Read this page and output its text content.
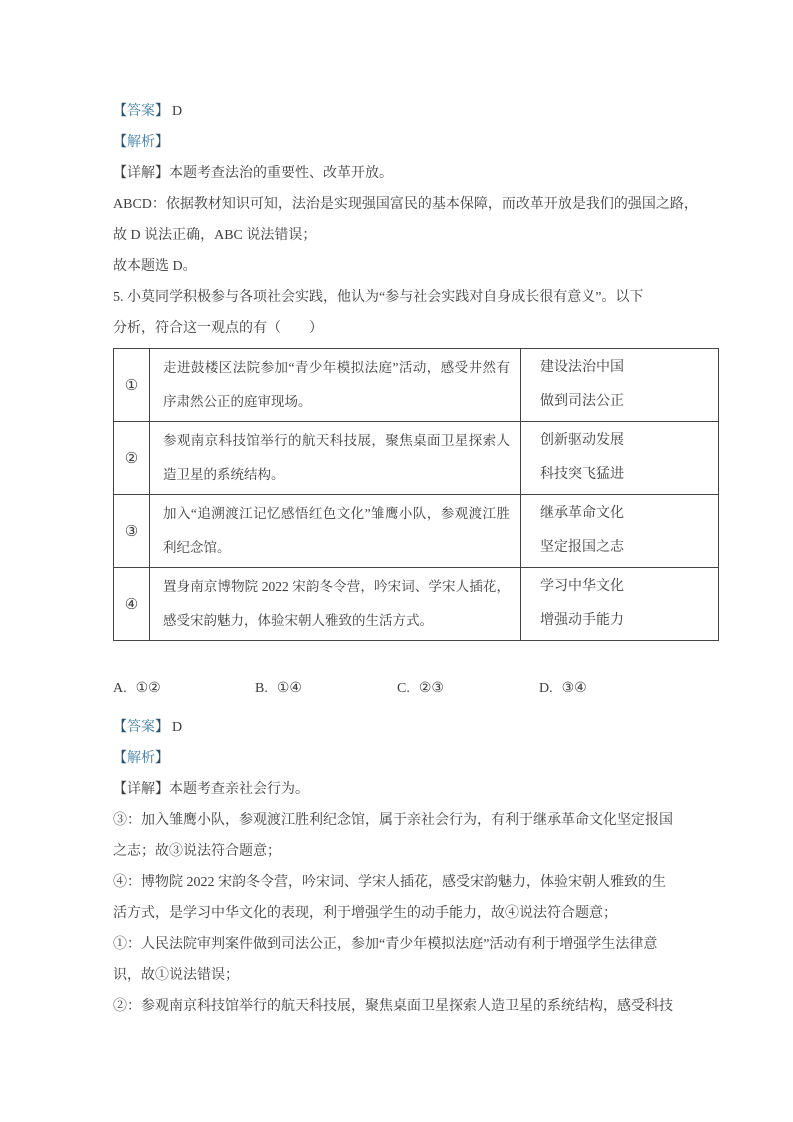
【答案】 D
【解析】
【详解】本题考查法治的重要性、改革开放。
ABCD：依据教材知识可知，法治是实现强国富民的基本保障，而改革开放是我们的强国之路，
故 D 说法正确，ABC 说法错误；
故本题选 D。
5. 小莫同学积极参与各项社会实践，他认为“参与社会实践对自身成长很有意义”。以下
分析，符合这一观点的有（　　）
①	走进鼓楼区法院参加“青少年模拟法庭”活动，感受井然有序肃然公正的庭审现场。	建设法治中国
做到司法公正

②	参观南京科技馆举行的航天科技展，聚焦桌面卫星探索人造卫星的系统结构。	创新驱动发展
科技突飞猛进

③	加入“追溯渡江记忆感悟红色文化”雏鹰小队，参观渡江胜利纪念馆。	继承革命文化
坚定报国之志

④	置身南京博物院 2022 宋韵冬令营，吟宋词、学宋人插花，感受宋韵魅力，体验宋朝人雅致的生活方式。	学习中华文化
增强动手能力
A. ①②	B. ①④	C. ②③	D. ③④
【答案】 D
【解析】
【详解】本题考查亲社会行为。
③：加入雏鹰小队，参观渡江胜利纪念馆，属于亲社会行为，有利于继承革命文化坚定报国
之志；故③说法符合题意；
④：博物院 2022 宋韵冬令营，吟宋词、学宋人插花，感受宋韵魅力，体验宋朝人雅致的生
活方式，是学习中华文化的表现，利于增强学生的动手能力，故④说法符合题意；
①：人民法院审判案件做到司法公正，参加“青少年模拟法庭”活动有利于增强学生法律意
识，故①说法错误；
②：参观南京科技馆举行的航天科技展，聚焦桌面卫星探索人造卫星的系统结构，感受科技
